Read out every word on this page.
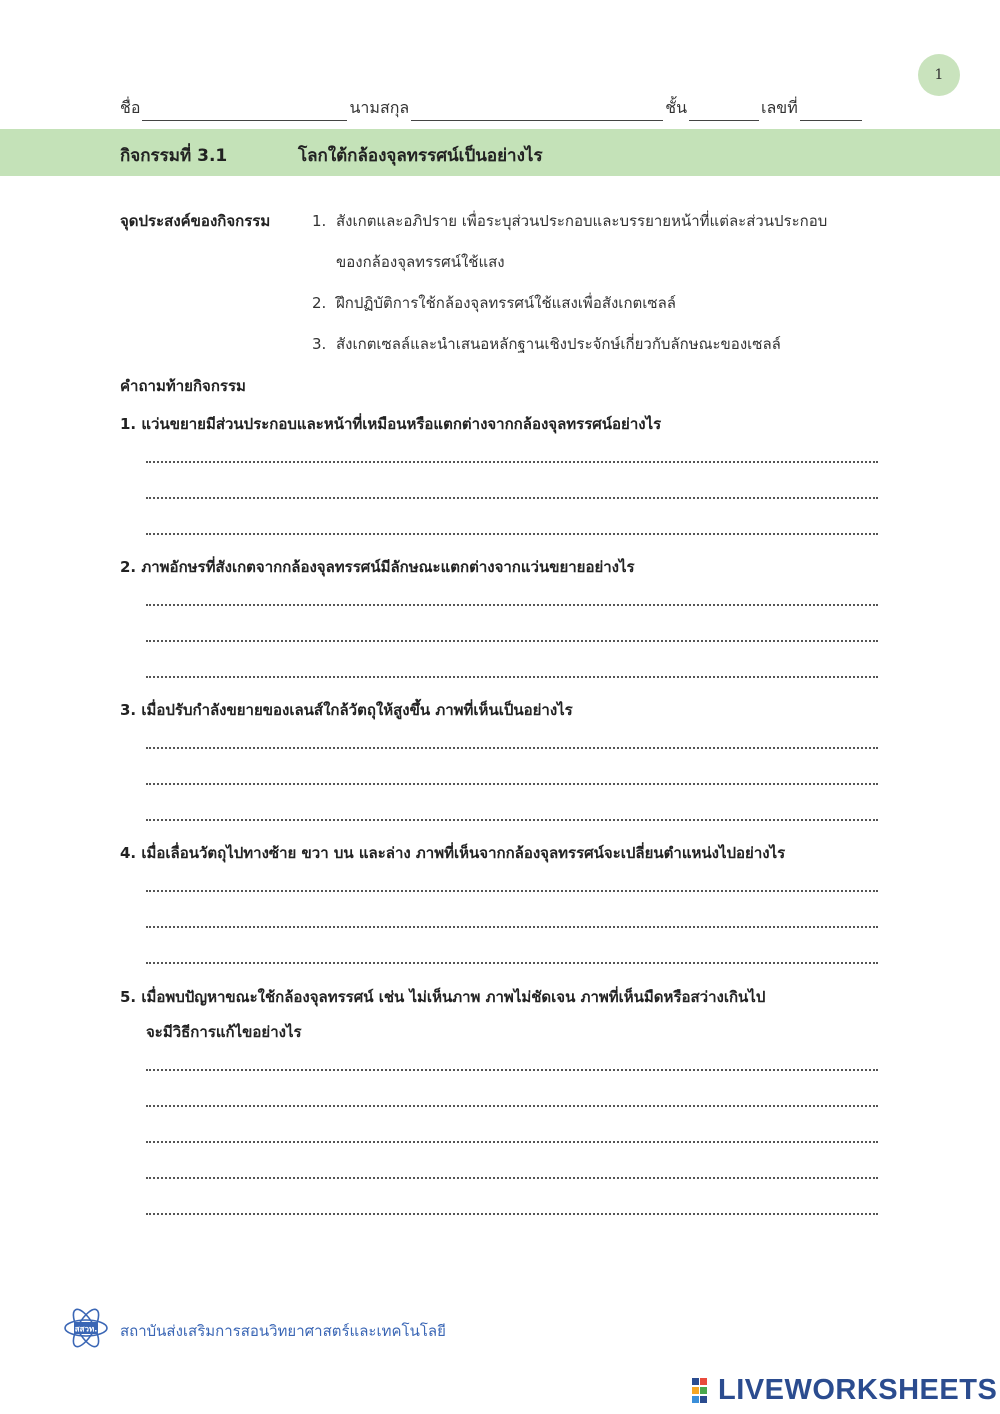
1
ชื่อ	นามสกุล	ชั้น	เลขที่
กิจกรรมที่ 3.1	โลกใต้กล้องจุลทรรศน์เป็นอย่างไร
จุดประสงค์ของกิจกรรม	1. สังเกตและอภิปราย เพื่อระบุส่วนประกอบและบรรยายหน้าที่แต่ละส่วนประกอบ
ของกล้องจุลทรรศน์ใช้แสง
2. ฝึกปฏิบัติการใช้กล้องจุลทรรศน์ใช้แสงเพื่อสังเกตเซลล์
3. สังเกตเซลล์และนำเสนอหลักฐานเชิงประจักษ์เกี่ยวกับลักษณะของเซลล์
คำถามท้ายกิจกรรม
1. แว่นขยายมีส่วนประกอบและหน้าที่เหมือนหรือแตกต่างจากกล้องจุลทรรศน์อย่างไร
2. ภาพอักษรที่สังเกตจากกล้องจุลทรรศน์มีลักษณะแตกต่างจากแว่นขยายอย่างไร
3. เมื่อปรับกำลังขยายของเลนส์ใกล้วัตถุให้สูงขึ้น ภาพที่เห็นเป็นอย่างไร
4. เมื่อเลื่อนวัตถุไปทางซ้าย ขวา บน และล่าง ภาพที่เห็นจากกล้องจุลทรรศน์จะเปลี่ยนตำแหน่งไปอย่างไร
5. เมื่อพบปัญหาขณะใช้กล้องจุลทรรศน์ เช่น ไม่เห็นภาพ ภาพไม่ชัดเจน ภาพที่เห็นมืดหรือสว่างเกินไป
จะมีวิธีการแก้ไขอย่างไร
สสวท. สถาบันส่งเสริมการสอนวิทยาศาสตร์และเทคโนโลยี
LIVEWORKSHEETS
